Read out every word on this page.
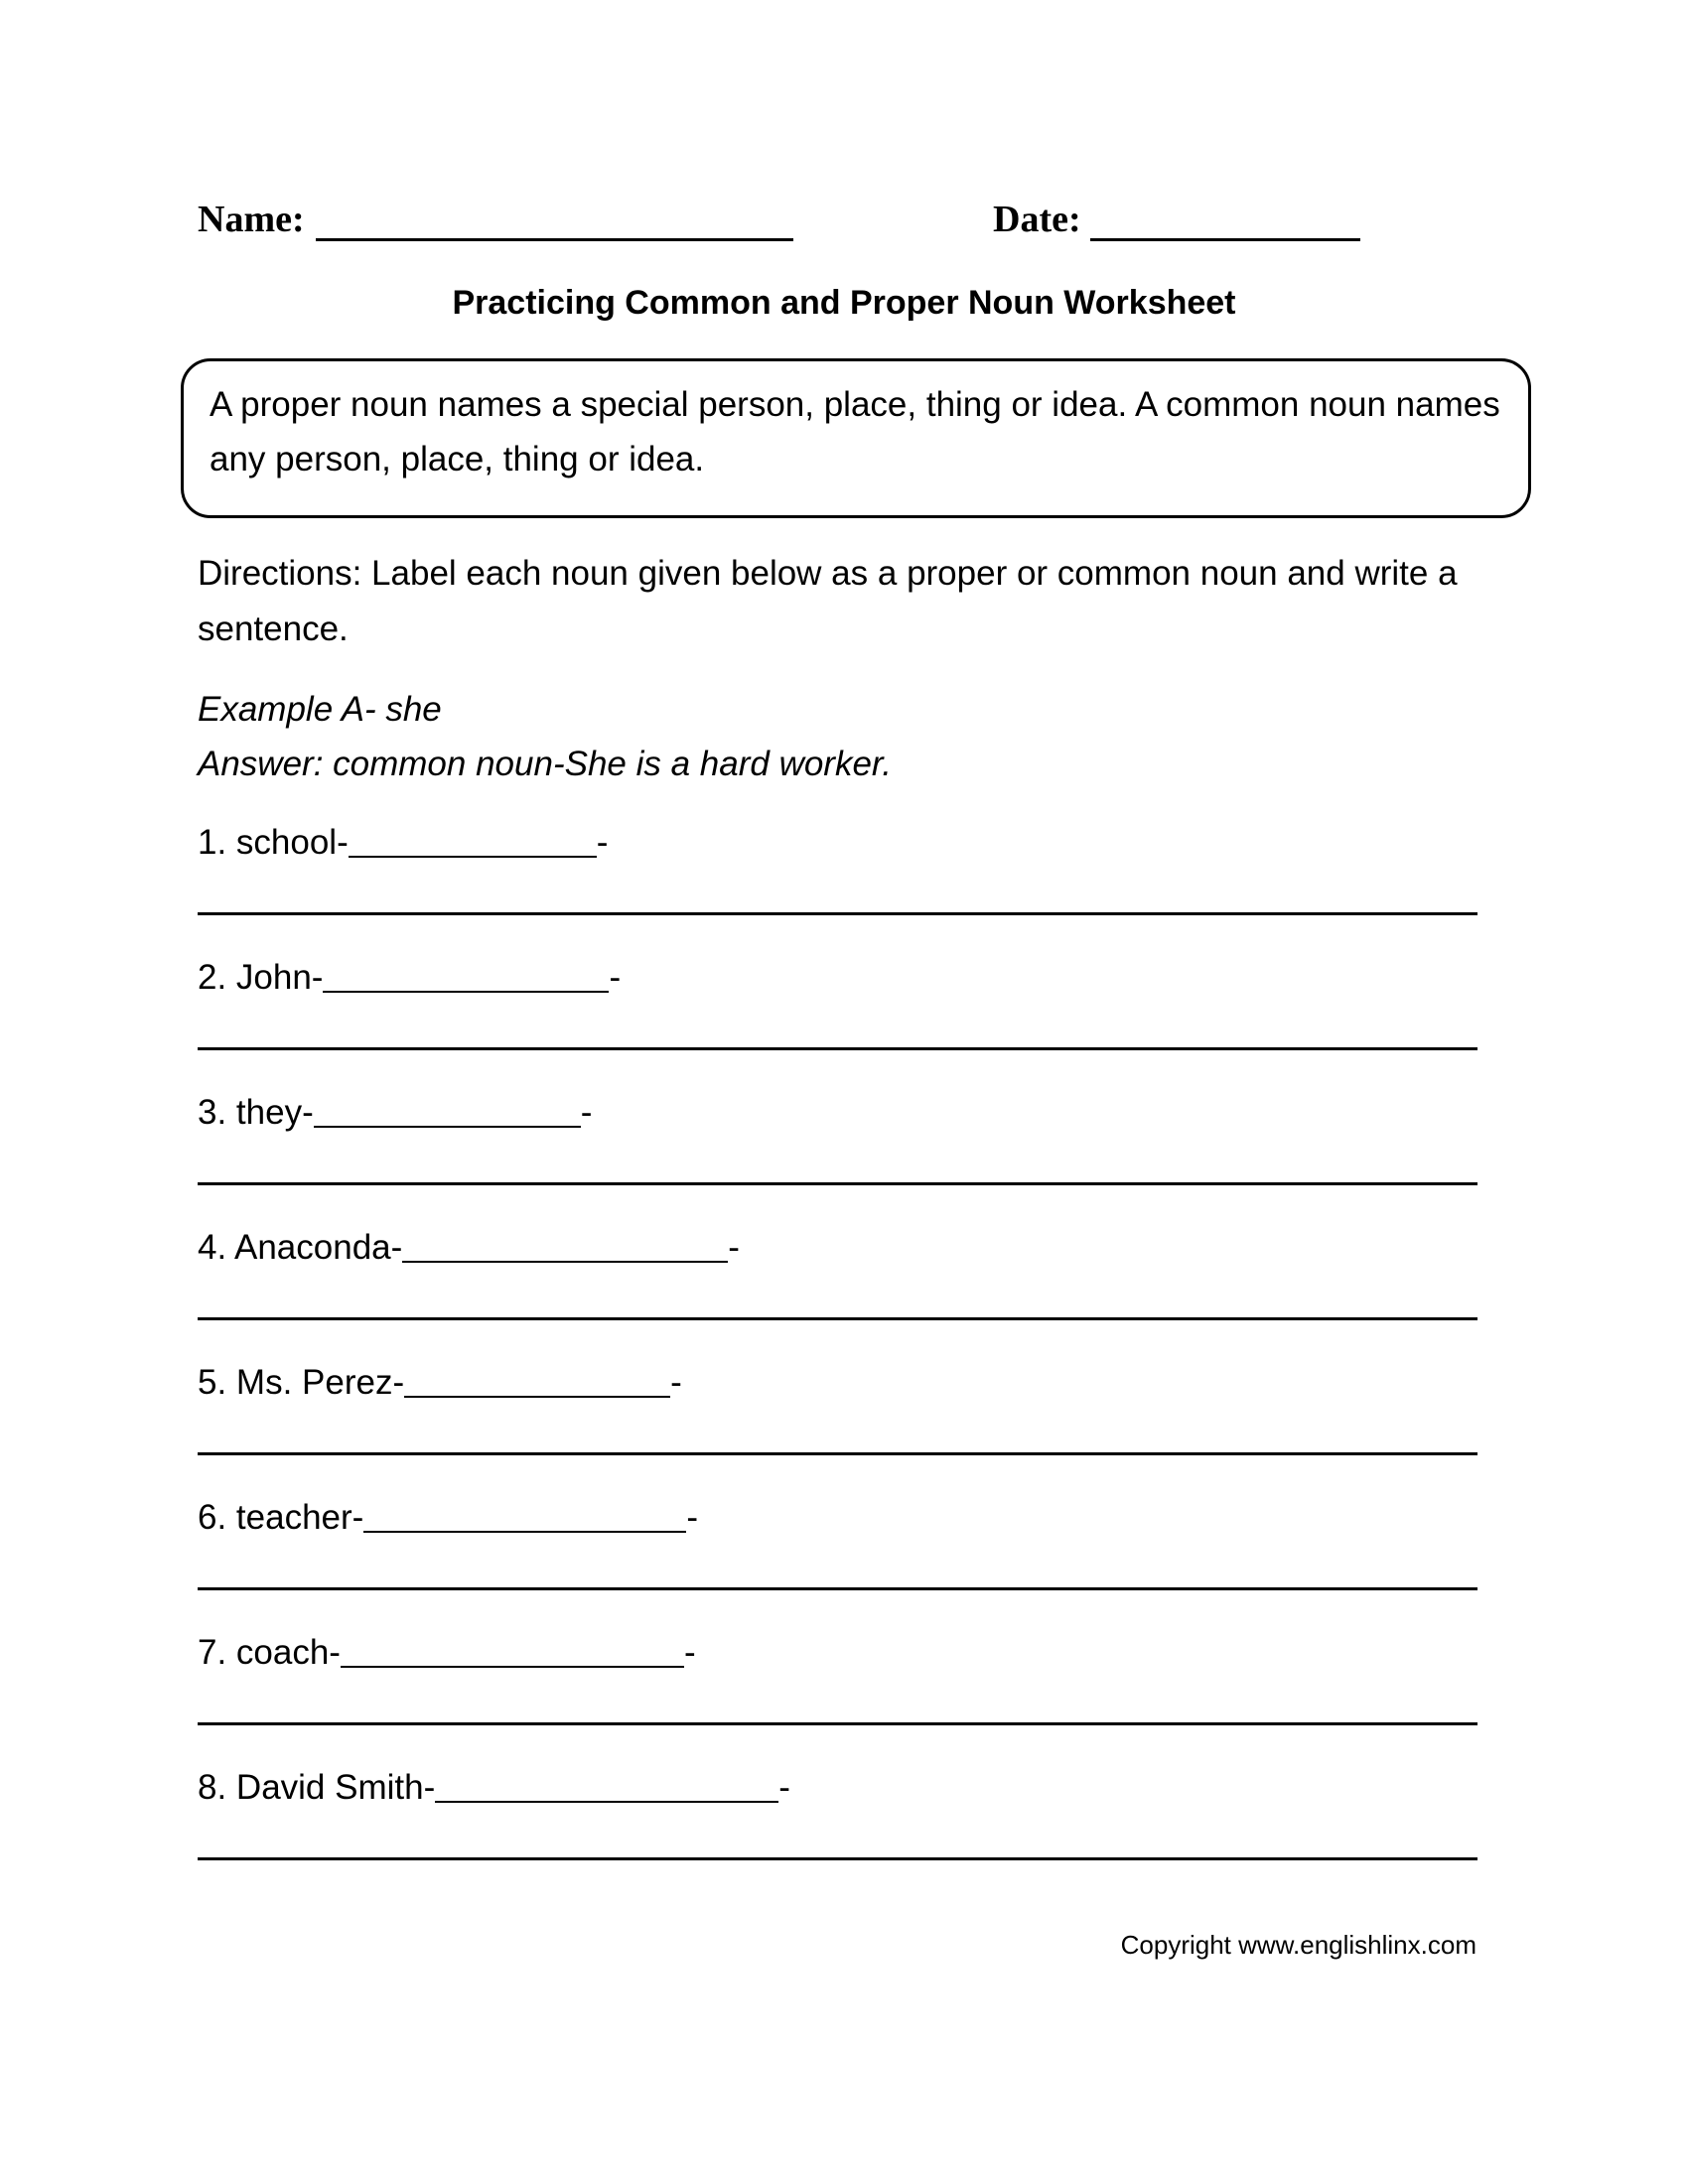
Name:	Date:
Practicing Common and Proper Noun Worksheet
A proper noun names a special person, place, thing or idea. A common noun names any person, place, thing or idea.
Directions: Label each noun given below as a proper or common noun and write a sentence.
Example A- she
Answer: common noun-She is a hard worker.
1. school-	-
2. John-	-
3. they-	-
4. Anaconda-	-
5. Ms. Perez-	-
6. teacher-	-
7. coach-	-
8. David Smith-	-
Copyright www.englishlinx.com
